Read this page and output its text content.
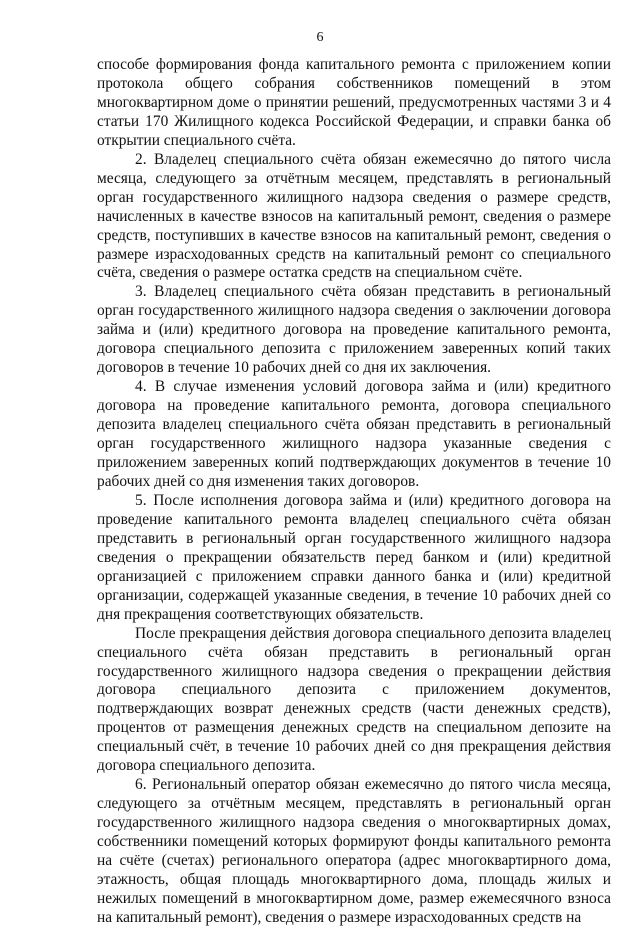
6

способе формирования фонда капитального ремонта с приложением копии протокола общего собрания собственников помещений в этом многоквартирном доме о принятии решений, предусмотренных частями 3 и 4 статьи 170 Жилищного кодекса Российской Федерации, и справки банка об открытии специального счёта.

2. Владелец специального счёта обязан ежемесячно до пятого числа месяца, следующего за отчётным месяцем, представлять в региональный орган государственного жилищного надзора сведения о размере средств, начисленных в качестве взносов на капитальный ремонт, сведения о размере средств, поступивших в качестве взносов на капитальный ремонт, сведения о размере израсходованных средств на капитальный ремонт со специального счёта, сведения о размере остатка средств на специальном счёте.

3. Владелец специального счёта обязан представить в региональный орган государственного жилищного надзора сведения о заключении договора займа и (или) кредитного договора на проведение капитального ремонта, договора специального депозита с приложением заверенных копий таких договоров в течение 10 рабочих дней со дня их заключения.

4. В случае изменения условий договора займа и (или) кредитного договора на проведение капитального ремонта, договора специального депозита владелец специального счёта обязан представить в региональный орган государственного жилищного надзора указанные сведения с приложением заверенных копий подтверждающих документов в течение 10 рабочих дней со дня изменения таких договоров.

5. После исполнения договора займа и (или) кредитного договора на проведение капитального ремонта владелец специального счёта обязан представить в региональный орган государственного жилищного надзора сведения о прекращении обязательств перед банком и (или) кредитной организацией с приложением справки данного банка и (или) кредитной организации, содержащей указанные сведения, в течение 10 рабочих дней со дня прекращения соответствующих обязательств.

После прекращения действия договора специального депозита владелец специального счёта обязан представить в региональный орган государственного жилищного надзора сведения о прекращении действия договора специального депозита с приложением документов, подтверждающих возврат денежных средств (части денежных средств), процентов от размещения денежных средств на специальном депозите на специальный счёт, в течение 10 рабочих дней со дня прекращения действия договора специального депозита.

6. Региональный оператор обязан ежемесячно до пятого числа месяца, следующего за отчётным месяцем, представлять в региональный орган государственного жилищного надзора сведения о многоквартирных домах, собственники помещений которых формируют фонды капитального ремонта на счёте (счетах) регионального оператора (адрес многоквартирного дома, этажность, общая площадь многоквартирного дома, площадь жилых и нежилых помещений в многоквартирном доме, размер ежемесячного взноса на капитальный ремонт), сведения о размере израсходованных средств на
